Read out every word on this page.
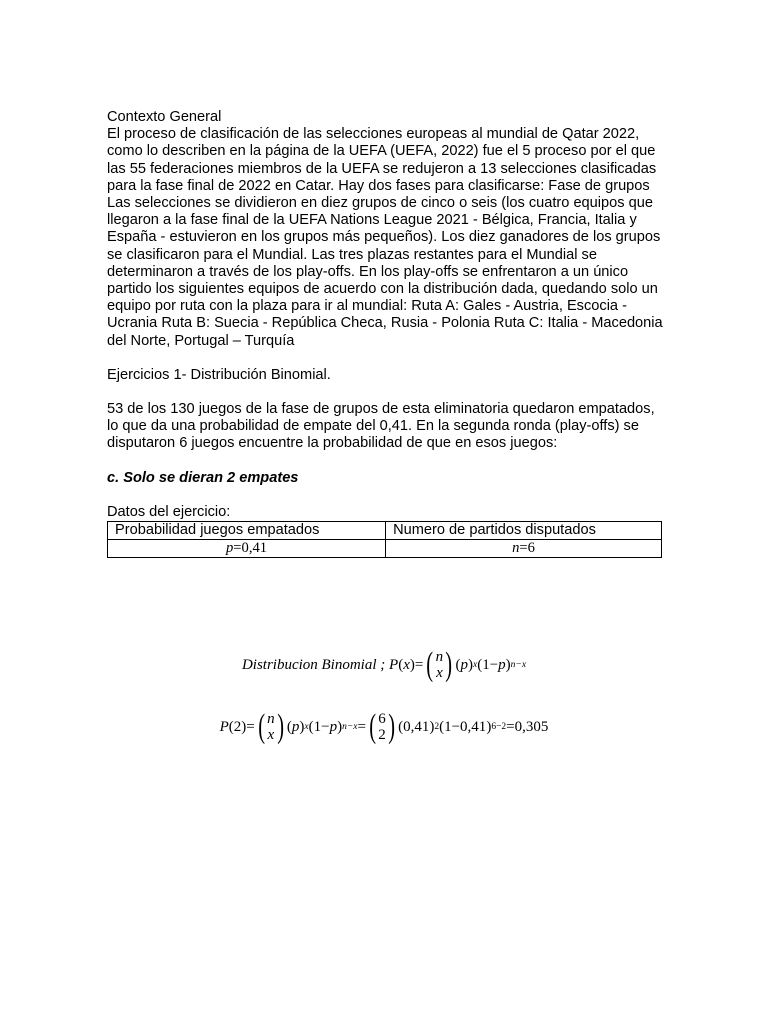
Contexto General

El proceso de clasificación de las selecciones europeas al mundial de Qatar 2022, como lo describen en la página de la UEFA (UEFA, 2022) fue el 5 proceso por el que las 55 federaciones miembros de la UEFA se redujeron a 13 selecciones clasificadas para la fase final de 2022 en Catar. Hay dos fases para clasificarse: Fase de grupos Las selecciones se dividieron en diez grupos de cinco o seis (los cuatro equipos que llegaron a la fase final de la UEFA Nations League 2021 - Bélgica, Francia, Italia y España - estuvieron en los grupos más pequeños). Los diez ganadores de los grupos se clasificaron para el Mundial. Las tres plazas restantes para el Mundial se determinaron a través de los play-offs. En los play-offs se enfrentaron a un único partido los siguientes equipos de acuerdo con la distribución dada, quedando solo un equipo por ruta con la plaza para ir al mundial: Ruta A: Gales - Austria, Escocia - Ucrania Ruta B: Suecia - República Checa, Rusia - Polonia Ruta C: Italia - Macedonia del Norte, Portugal – Turquía

Ejercicios 1- Distribución Binomial.

53 de los 130 juegos de la fase de grupos de esta eliminatoria quedaron empatados, lo que da una probabilidad de empate del 0,41. En la segunda ronda (play-offs) se disputaron 6 juegos encuentre la probabilidad de que en esos juegos:

c. Solo se dieran 2 empates

Datos del ejercicio:

Probabilidad juegos empatados	Numero de partidos disputados
p=0,41	n=6
Distribucion Binomial ;
P ( x )= ( n
x ) ( p ) x ( 1− p ) n−x
P ( 2 )= ( n
x ) ( p ) x ( 1− p ) n−x = ( 6
2 ) ( 0,41 ) 2 ( 1−0,41 ) 6−2 =0,305
